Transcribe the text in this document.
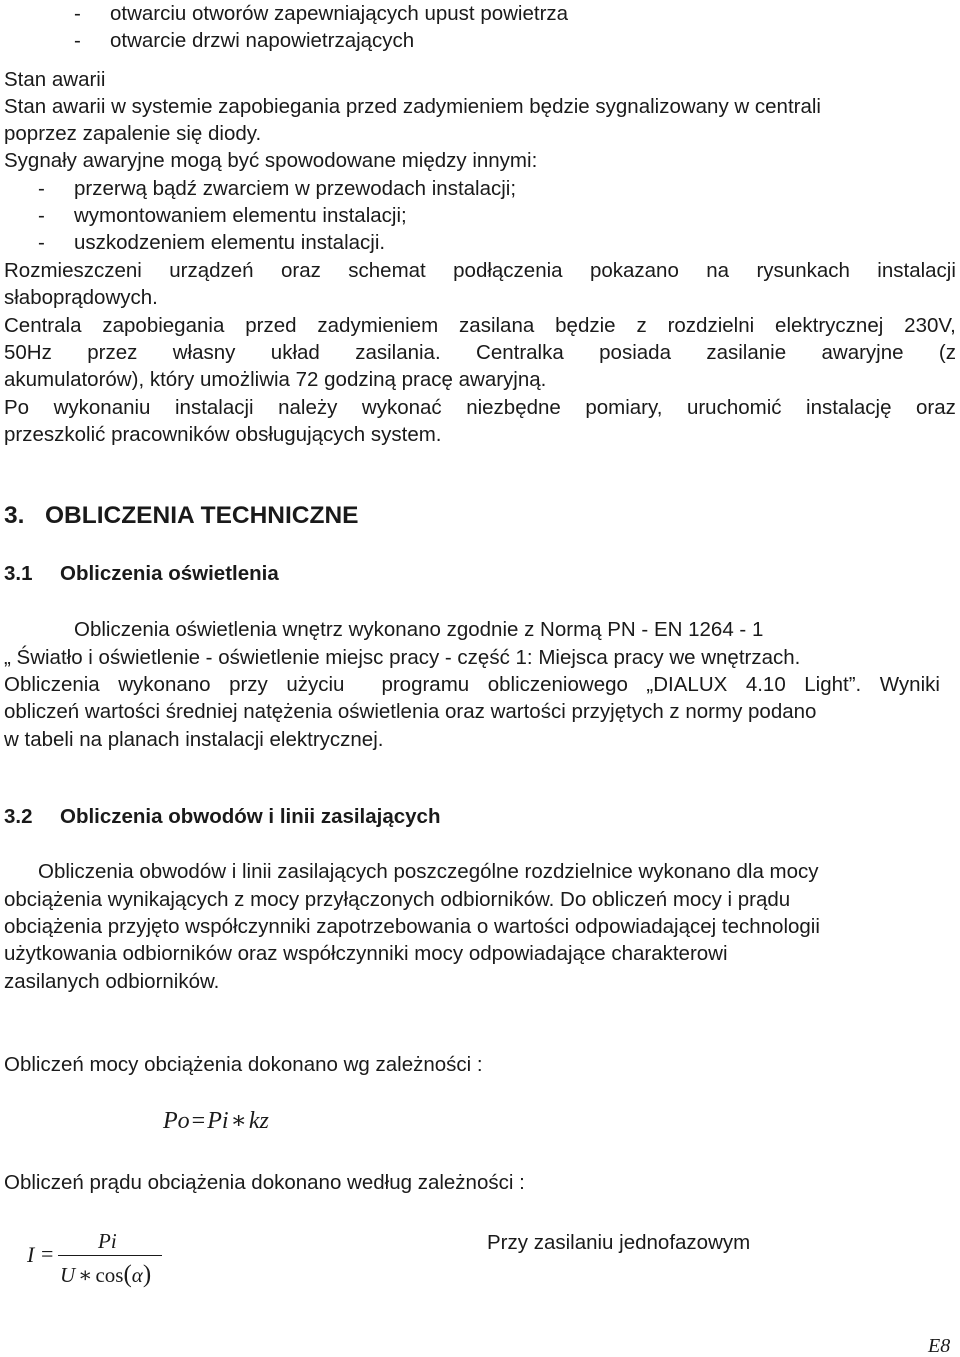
- otwarciu otworów zapewniających upust powietrza
- otwarcie drzwi napowietrzających
Stan awarii
Stan awarii w systemie zapobiegania przed zadymieniem będzie sygnalizowany w centrali
poprzez zapalenie się diody.
Sygnały awaryjne mogą być spowodowane między innymi:
- przerwą bądź zwarciem w przewodach instalacji;
- wymontowaniem elementu instalacji;
- uszkodzeniem elementu instalacji.
Rozmieszczeni urządzeń oraz schemat podłączenia pokazano na rysunkach instalacji
słaboprądowych.
Centrala zapobiegania przed zadymieniem zasilana będzie z rozdzielni elektrycznej 230V,
50Hz przez własny układ zasilania. Centralka posiada zasilanie awaryjne (z
akumulatorów), który umożliwia 72 godziną pracę awaryjną.
Po wykonaniu instalacji należy wykonać niezbędne pomiary, uruchomić instalację oraz
przeszkolić pracowników obsługujących system.
3. OBLICZENIA TECHNICZNE
3.1 Obliczenia oświetlenia
Obliczenia oświetlenia wnętrz wykonano zgodnie z Normą PN - EN 1264 - 1
„ Światło i oświetlenie - oświetlenie miejsc pracy - część 1: Miejsca pracy we wnętrzach.
Obliczenia wykonano przy użyciu programu obliczeniowego „DIALUX 4.10 Light”. Wyniki
obliczeń wartości średniej natężenia oświetlenia oraz wartości przyjętych z normy podano
w tabeli na planach instalacji elektrycznej.
3.2 Obliczenia obwodów i linii zasilających
Obliczenia obwodów i linii zasilających poszczególne rozdzielnice wykonano dla mocy
obciążenia wynikających z mocy przyłączonych odbiorników. Do obliczeń mocy i prądu
obciążenia przyjęto współczynniki zapotrzebowania o wartości odpowiadającej technologii
użytkowania odbiorników oraz współczynniki mocy odpowiadające charakterowi
zasilanych odbiorników.
Obliczeń mocy obciążenia dokonano wg zależności :
Po=Pi∗kz
Obliczeń prądu obciążenia dokonano według zależności :
I = Pi
U ∗ cos(α)
Przy zasilaniu jednofazowym
E8
